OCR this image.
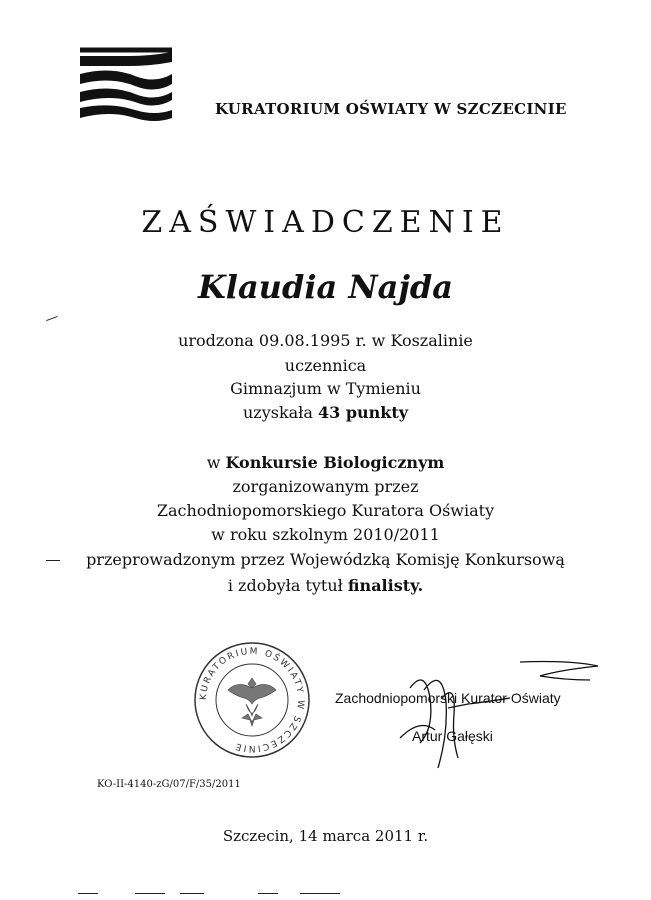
KURATORIUM OŚWIATY W SZCZECINIE
ZAŚWIADCZENIE
Klaudia Najda
urodzona 09.08.1995 r. w Koszalinie
uczennica
Gimnazjum w Tymieniu
uzyskała 43 punkty
w Konkursie Biologicznym
zorganizowanym przez
Zachodniopomorskiego Kuratora Oświaty
w roku szkolnym 2010/2011
przeprowadzonym przez Wojewódzką Komisję Konkursową
i zdobyła tytuł finalisty.
KURATORIUM OŚWIATY W SZCZECINIE
Zachodniopomorski Kurator Oświaty
Artur Gałęski
KO-II-4140-zG/07/F/35/2011
Szczecin, 14 marca 2011 r.
